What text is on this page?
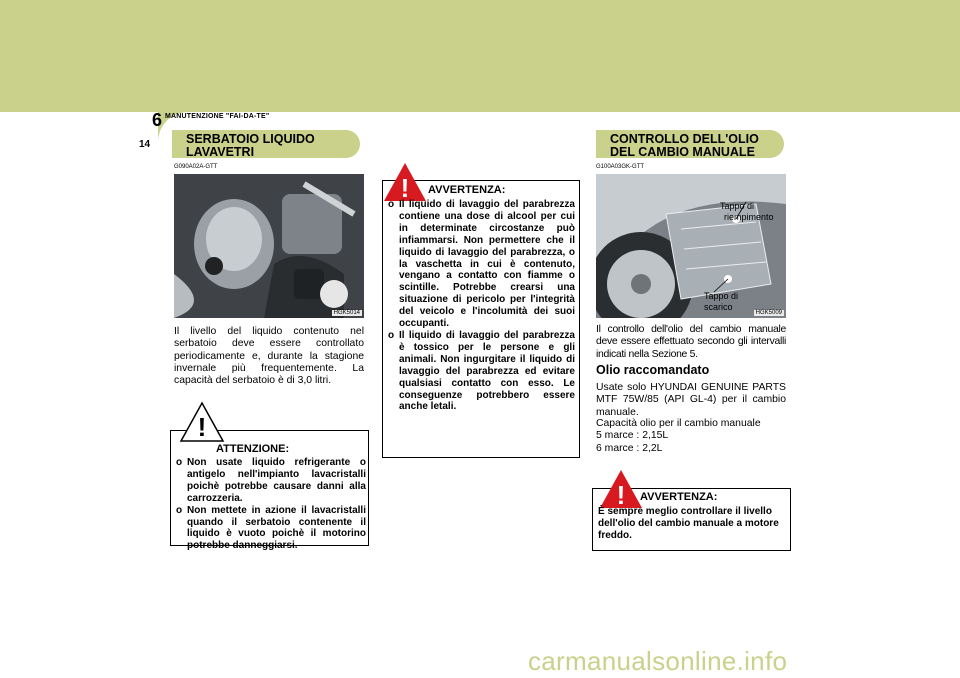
6 MANUTENZIONE "FAI-DA-TE"
14	SERBATOIO LIQUIDO
LAVAVETRI
G090A02A-GTT
HGK5014
Il livello del liquido contenuto nel serbatoio deve essere controllato periodicamente e, durante la stagione invernale più frequentemente. La capacità del serbatoio è di 3,0 litri.
!
ATTENZIONE:
o Non usate liquido refrigerante o antigelo nell'impianto lavacristalli poichè potrebbe causare danni alla carrozzeria.
o Non mettete in azione il lavacristalli quando il serbatoio contenente il liquido è vuoto poichè il motorino potrebbe danneggiarsi.
! AVVERTENZA:
o Il liquido di lavaggio del parabrezza contiene una dose di alcool per cui in determinate circostanze può infiammarsi. Non permettere che il liquido di lavaggio del parabrezza, o la vaschetta in cui è contenuto, vengano a contatto con fiamme o scintille. Potrebbe crearsi una situazione di pericolo per l'integrità del veicolo e l'incolumità dei suoi occupanti.
o Il liquido di lavaggio del parabrezza è tossico per le persone e gli animali. Non ingurgitare il liquido di lavaggio del parabrezza ed evitare qualsiasi contatto con esso. Le conseguenze potrebbero essere anche letali.
CONTROLLO DELL'OLIO
DEL CAMBIO MANUALE
G100A03GK-GTT
HGK5009
Tappo di
riempimento
Tappo di
scarico
Il controllo dell'olio del cambio manuale deve essere effettuato secondo gli intervalli indicati nella Sezione 5.
Olio raccomandato
Usate solo HYUNDAI GENUINE PARTS MTF 75W/85 (API GL-4) per il cambio manuale.
Capacità olio per il cambio manuale
5 marce : 2,15L
6 marce : 2,2L
! AVVERTENZA:
È sempre meglio controllare il livello dell'olio del cambio manuale a motore freddo.
carmanualsonline.info
